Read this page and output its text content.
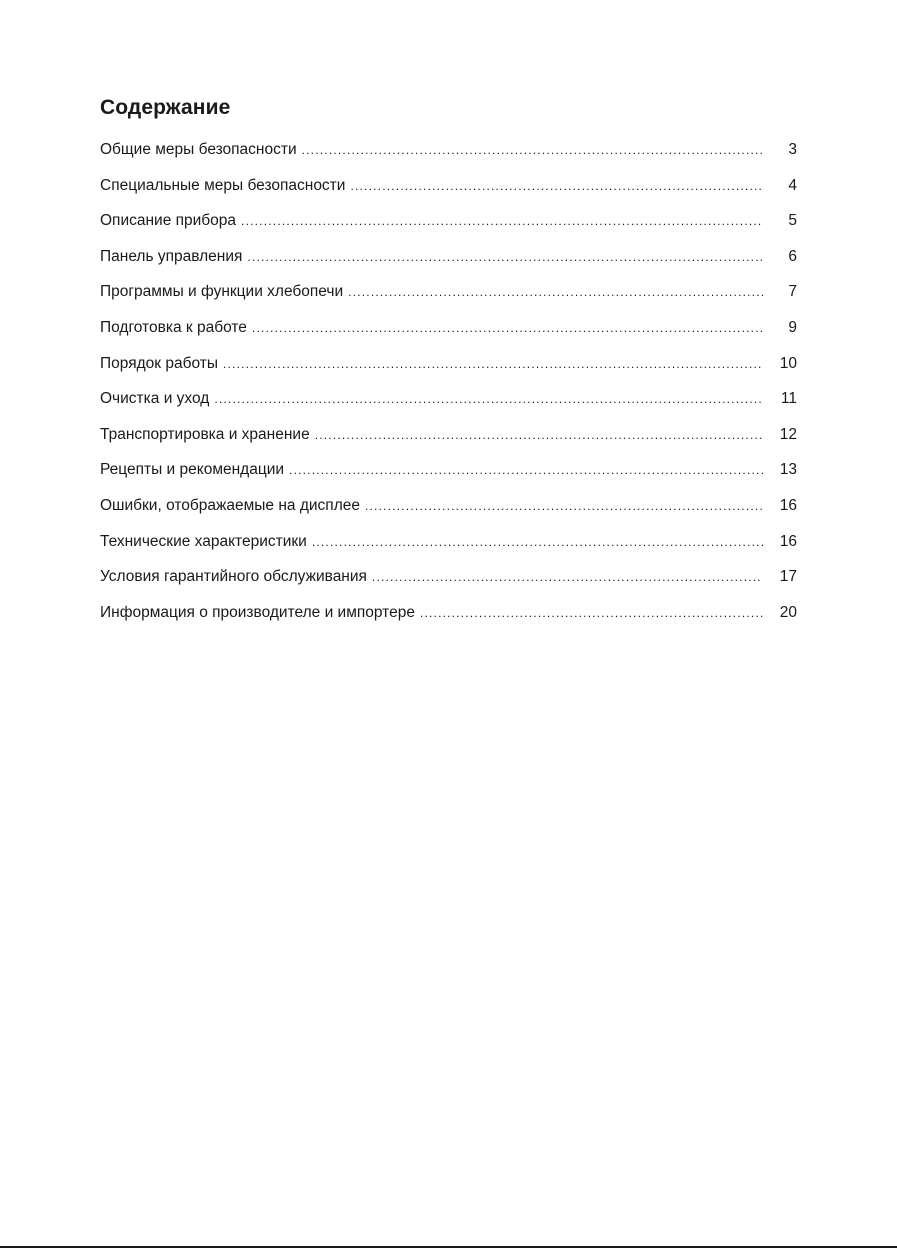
Содержание
Общие меры безопасности .....	3
Специальные меры безопасности .....	4
Описание прибора .....	5
Панель управления .....	6
Программы и функции хлебопечи .....	7
Подготовка к работе .....	9
Порядок работы .....	10
Очистка и уход .....	11
Транспортировка и хранение .....	12
Рецепты и рекомендации .....	13
Ошибки, отображаемые на дисплее .....	16
Технические характеристики .....	16
Условия гарантийного обслуживания .....	17
Информация о производителе и импортере .....	20
